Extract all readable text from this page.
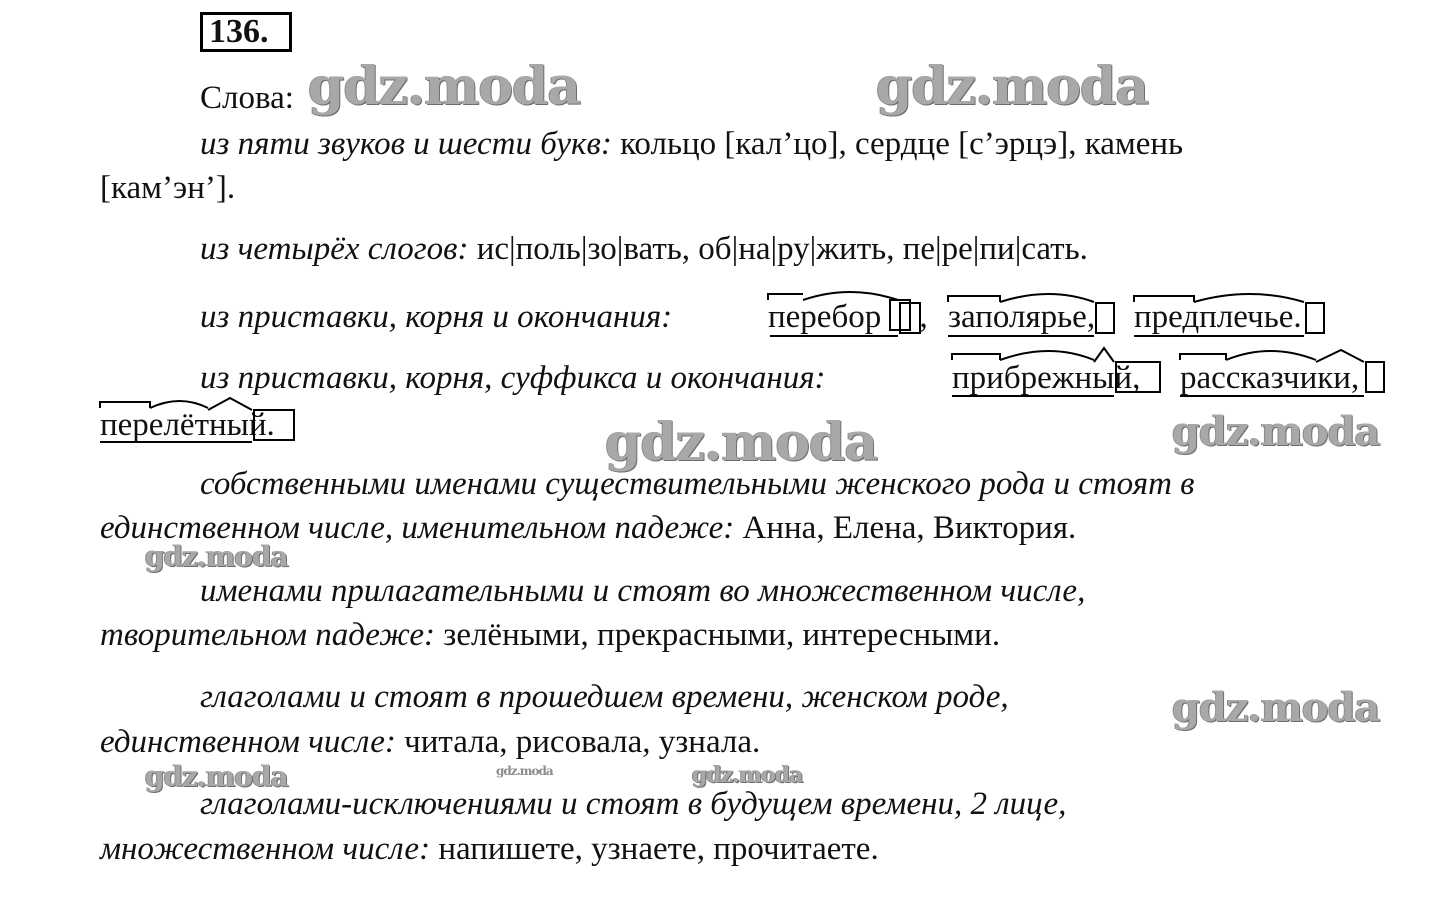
136.
Слова:
из пяти звуков и шести букв: кольцо [кал’цо], сердце [с’эрцэ], камень
[кам’эн’].
из четырёх слогов: ис|поль|зо|вать, об|на|ру|жить, пе|ре|пи|сать.
из приставки, корня и окончания:	перебор , заполярье, предплечье.
из приставки, корня, суффикса и окончания:	прибрежный, рассказчики,
перелётный.
собственными именами существительными женского рода и стоят в
единственном числе, именительном падеже: Анна, Елена, Виктория.
именами прилагательными и стоят во множественном числе,
творительном падеже: зелёными, прекрасными, интересными.
глаголами и стоят в прошедшем времени, женском роде,
единственном числе: читала, рисовала, узнала.
глаголами-исключениями и стоят в будущем времени, 2 лице,
множественном числе: напишете, узнаете, прочитаете.
gdz.moda	gdz.moda
gdz.moda	gdz.moda
gdz.moda
gdz.moda
gdz.moda	gdz.moda	gdz.moda
